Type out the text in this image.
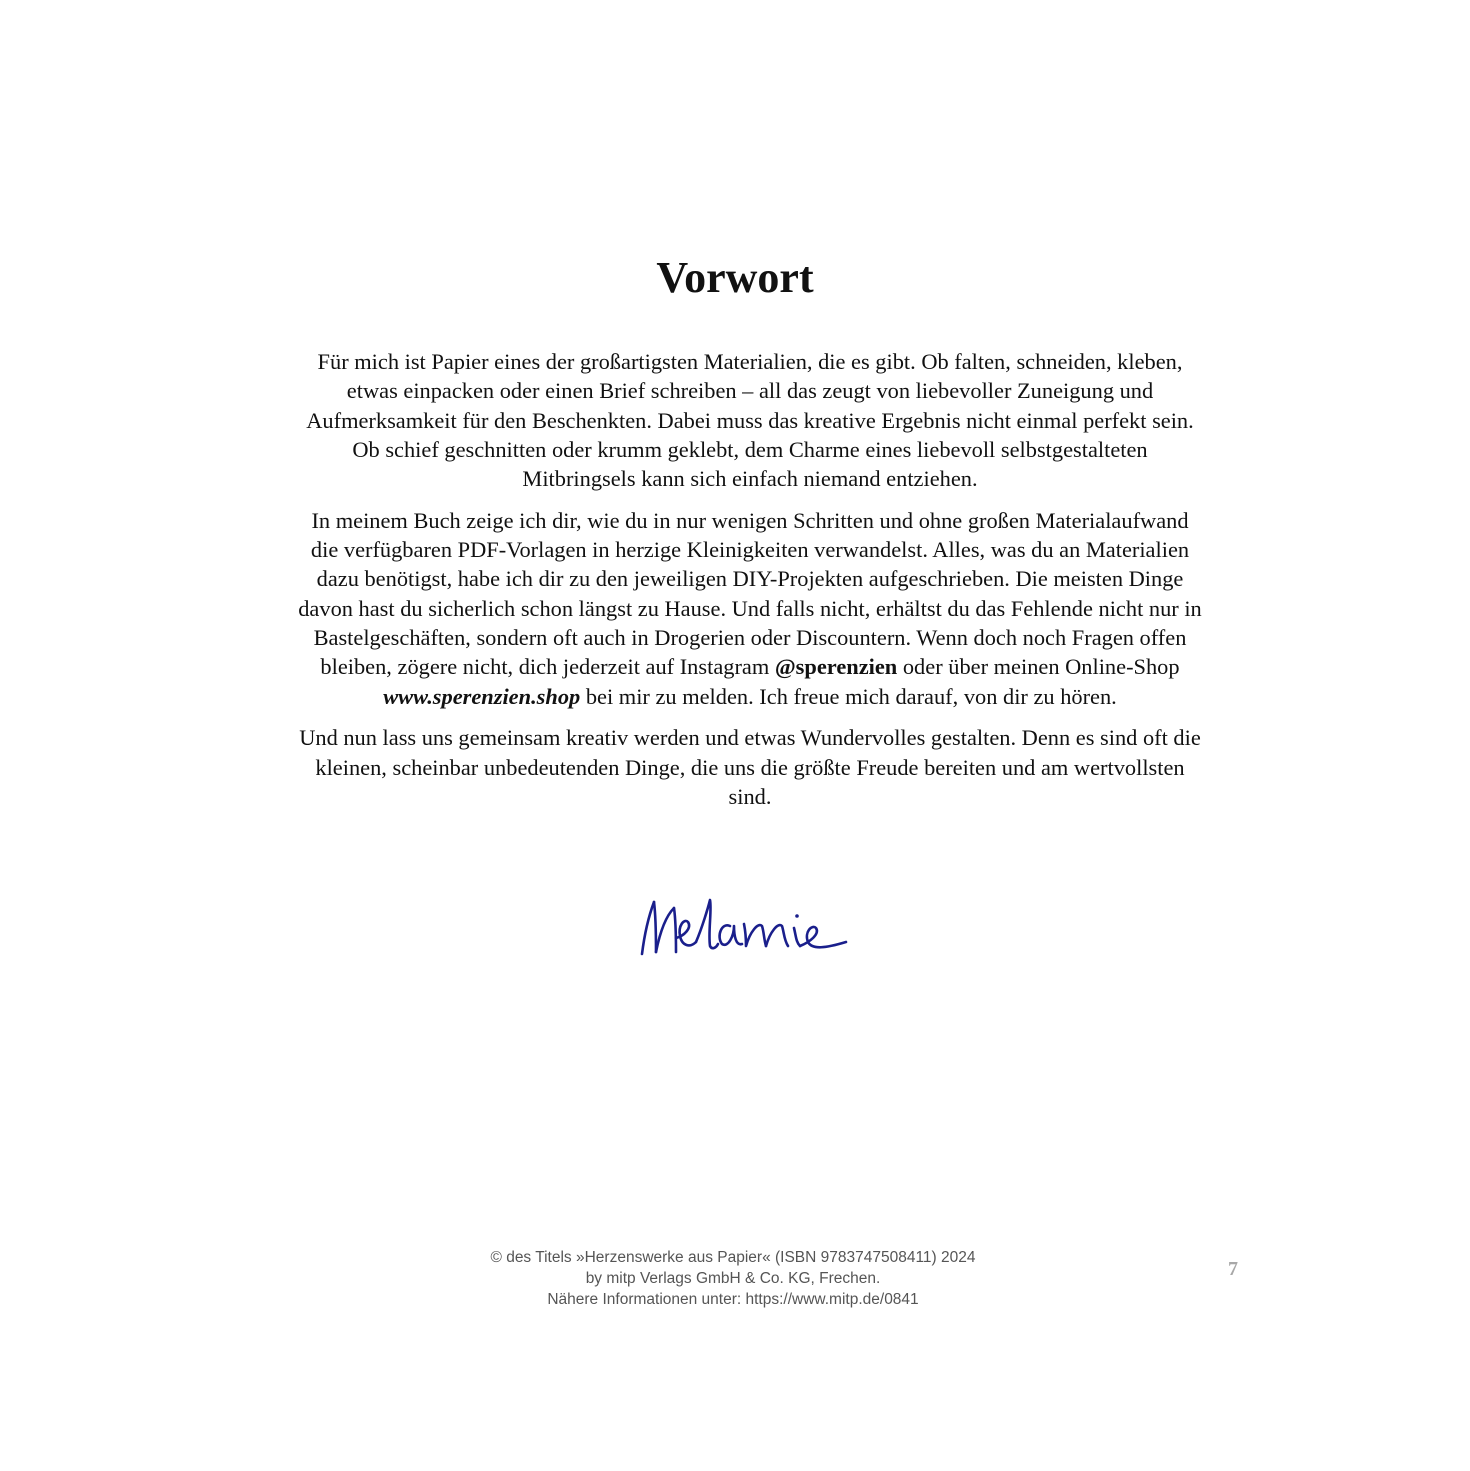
Vorwort

Für mich ist Papier eines der großartigsten Materialien, die es gibt. Ob falten, schneiden, kleben, etwas einpacken oder einen Brief schreiben – all das zeugt von liebevoller Zuneigung und Aufmerksamkeit für den Beschenkten. Dabei muss das kreative Ergebnis nicht einmal perfekt sein. Ob schief geschnitten oder krumm geklebt, dem Charme eines liebevoll selbstgestalteten Mitbringsels kann sich einfach niemand entziehen.

In meinem Buch zeige ich dir, wie du in nur wenigen Schritten und ohne großen Materialaufwand die verfügbaren PDF-Vorlagen in herzige Kleinigkeiten verwandelst. Alles, was du an Materialien dazu benötigst, habe ich dir zu den jeweiligen DIY-Projekten aufgeschrieben. Die meisten Dinge davon hast du sicherlich schon längst zu Hause. Und falls nicht, erhältst du das Fehlende nicht nur in Bastelgeschäften, sondern oft auch in Drogerien oder Discountern. Wenn doch noch Fragen offen bleiben, zögere nicht, dich jederzeit auf Instagram @sperenzien oder über meinen Online-Shop www.sperenzien.shop bei mir zu melden. Ich freue mich darauf, von dir zu hören.

Und nun lass uns gemeinsam kreativ werden und etwas Wundervolles gestalten. Denn es sind oft die kleinen, scheinbar unbedeutenden Dinge, die uns die größte Freude bereiten und am wertvollsten sind.

© des Titels »Herzenswerke aus Papier« (ISBN 9783747508411) 2024
by mitp Verlags GmbH & Co. KG, Frechen.
Nähere Informationen unter: https://www.mitp.de/0841
7
